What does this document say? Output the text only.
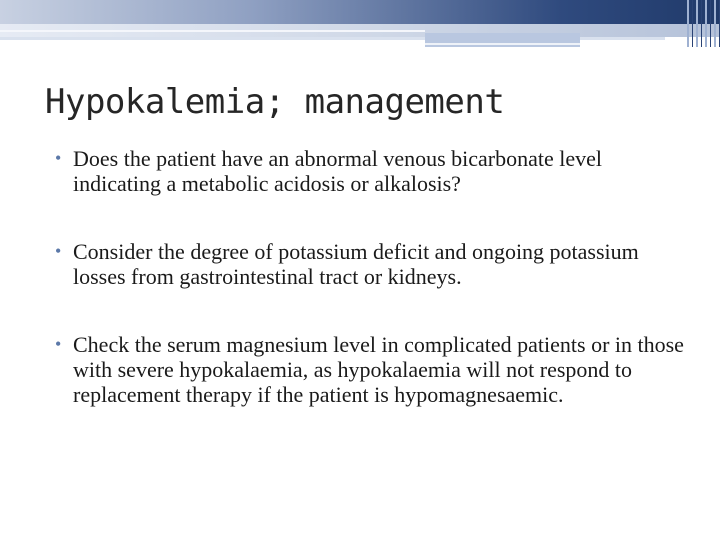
Hypokalemia; management
• Does the patient have an abnormal venous bicarbonate level indicating a metabolic acidosis or alkalosis?
• Consider the degree of potassium deficit and ongoing potassium losses from gastrointestinal tract or kidneys.
• Check the serum magnesium level in complicated patients or in those with severe hypokalaemia, as hypokalaemia will not respond to replacement therapy if the patient is hypomagnesaemic.
